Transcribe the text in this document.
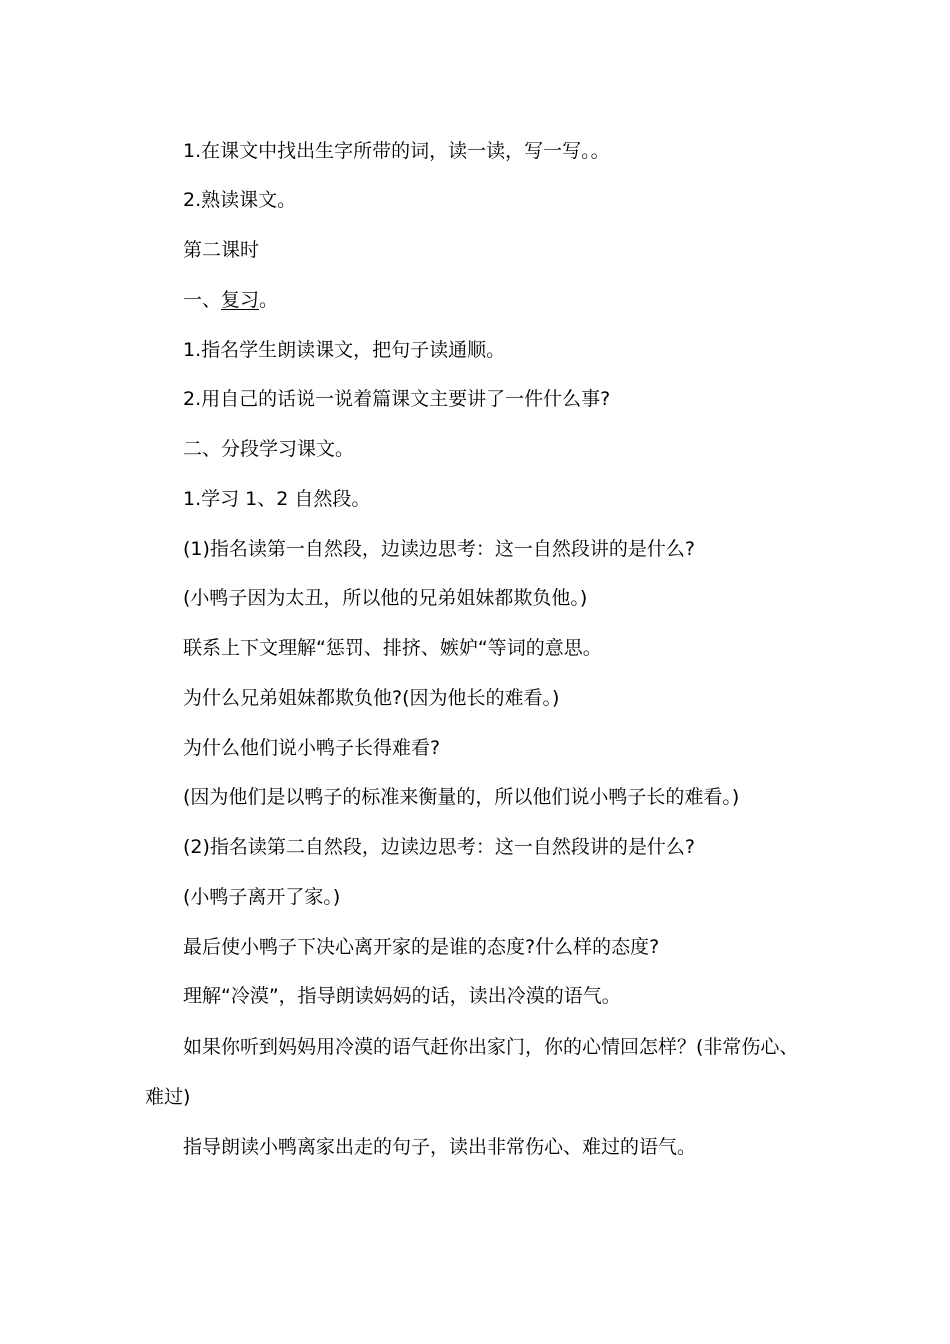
1.在课文中找出生字所带的词，读一读，写一写。。
2.熟读课文。
第二课时
一、复习。
1.指名学生朗读课文，把句子读通顺。
2.用自己的话说一说着篇课文主要讲了一件什么事?
二、分段学习课文。
1.学习 1、2 自然段。
(1)指名读第一自然段，边读边思考：这一自然段讲的是什么?
(小鸭子因为太丑，所以他的兄弟姐妹都欺负他。)
联系上下文理解“惩罚、排挤、嫉妒“等词的意思。
为什么兄弟姐妹都欺负他?(因为他长的难看。)
为什么他们说小鸭子长得难看?
(因为他们是以鸭子的标准来衡量的，所以他们说小鸭子长的难看。)
(2)指名读第二自然段，边读边思考：这一自然段讲的是什么?
(小鸭子离开了家。)
最后使小鸭子下决心离开家的是谁的态度?什么样的态度?
理解“冷漠”，指导朗读妈妈的话，读出冷漠的语气。
如果你听到妈妈用冷漠的语气赶你出家门，你的心情回怎样？(非常伤心、
难过)
指导朗读小鸭离家出走的句子，读出非常伤心、难过的语气。
